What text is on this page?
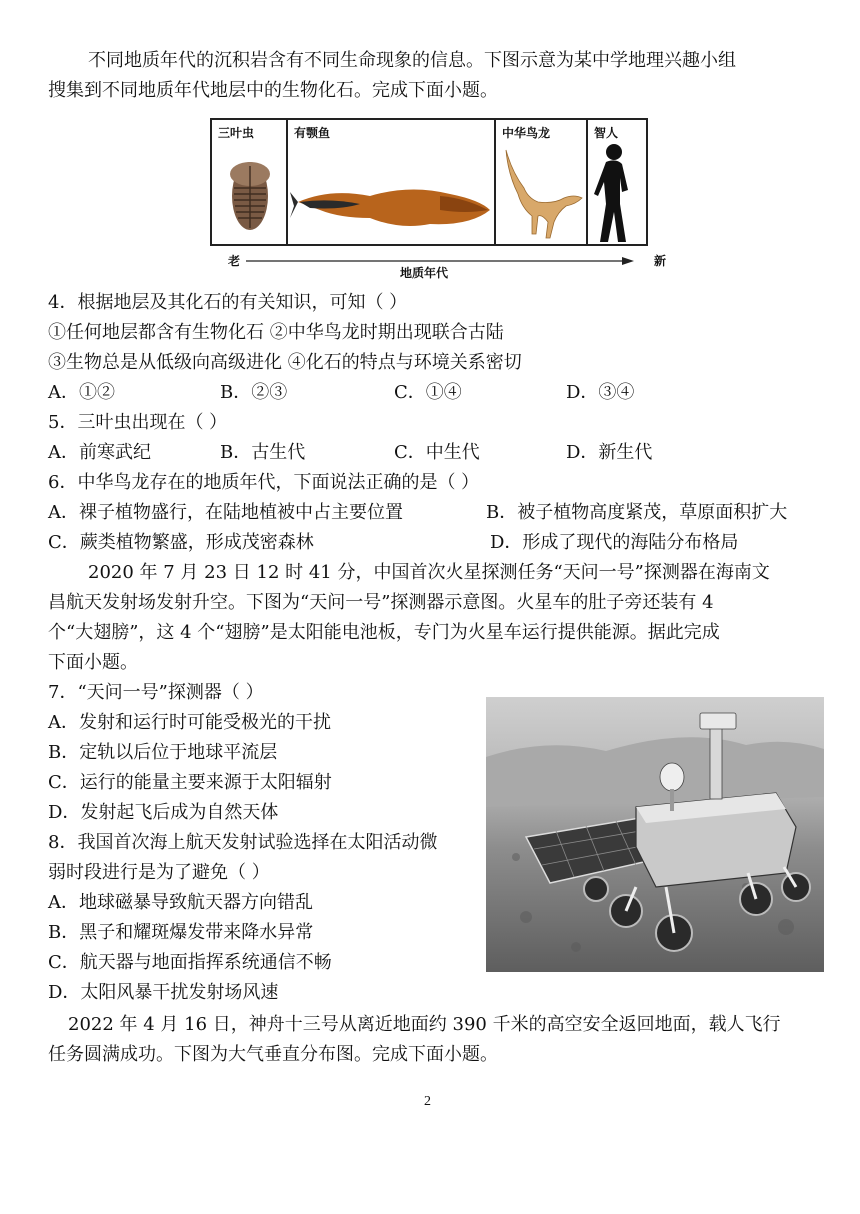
不同地质年代的沉积岩含有不同生命现象的信息。下图示意为某中学地理兴趣小组
搜集到不同地质年代地层中的生物化石。完成下面小题。
三叶虫	有颚鱼	中华鸟龙	智人
老	新
地质年代
4．根据地层及其化石的有关知识，可知（ ）
①任何地层都含有生物化石 ②中华鸟龙时期出现联合古陆
③生物总是从低级向高级进化 ④化石的特点与环境关系密切
A．①②	B．②③	C．①④	D．③④
5．三叶虫出现在（ ）
A．前寒武纪	B．古生代	C．中生代	D．新生代
6．中华鸟龙存在的地质年代，下面说法正确的是（ ）
A．裸子植物盛行，在陆地植被中占主要位置	B．被子植物高度紧茂，草原面积扩大
C．蕨类植物繁盛，形成茂密森林	D．形成了现代的海陆分布格局
2020 年 7 月 23 日 12 时 41 分，中国首次火星探测任务“天问一号”探测器在海南文
昌航天发射场发射升空。下图为“天问一号”探测器示意图。火星车的肚子旁还装有 4
个“大翅膀”，这 4 个“翅膀”是太阳能电池板，专门为火星车运行提供能源。据此完成
下面小题。
7．“天问一号”探测器（ ）
A．发射和运行时可能受极光的干扰
B．定轨以后位于地球平流层
C．运行的能量主要来源于太阳辐射
D．发射起飞后成为自然天体
8．我国首次海上航天发射试验选择在太阳活动微
弱时段进行是为了避免（ ）
A．地球磁暴导致航天器方向错乱
B．黑子和耀斑爆发带来降水异常
C．航天器与地面指挥系统通信不畅
D．太阳风暴干扰发射场风速
2022 年 4 月 16 日，神舟十三号从离近地面约 390 千米的高空安全返回地面，载人飞行
任务圆满成功。下图为大气垂直分布图。完成下面小题。
2
